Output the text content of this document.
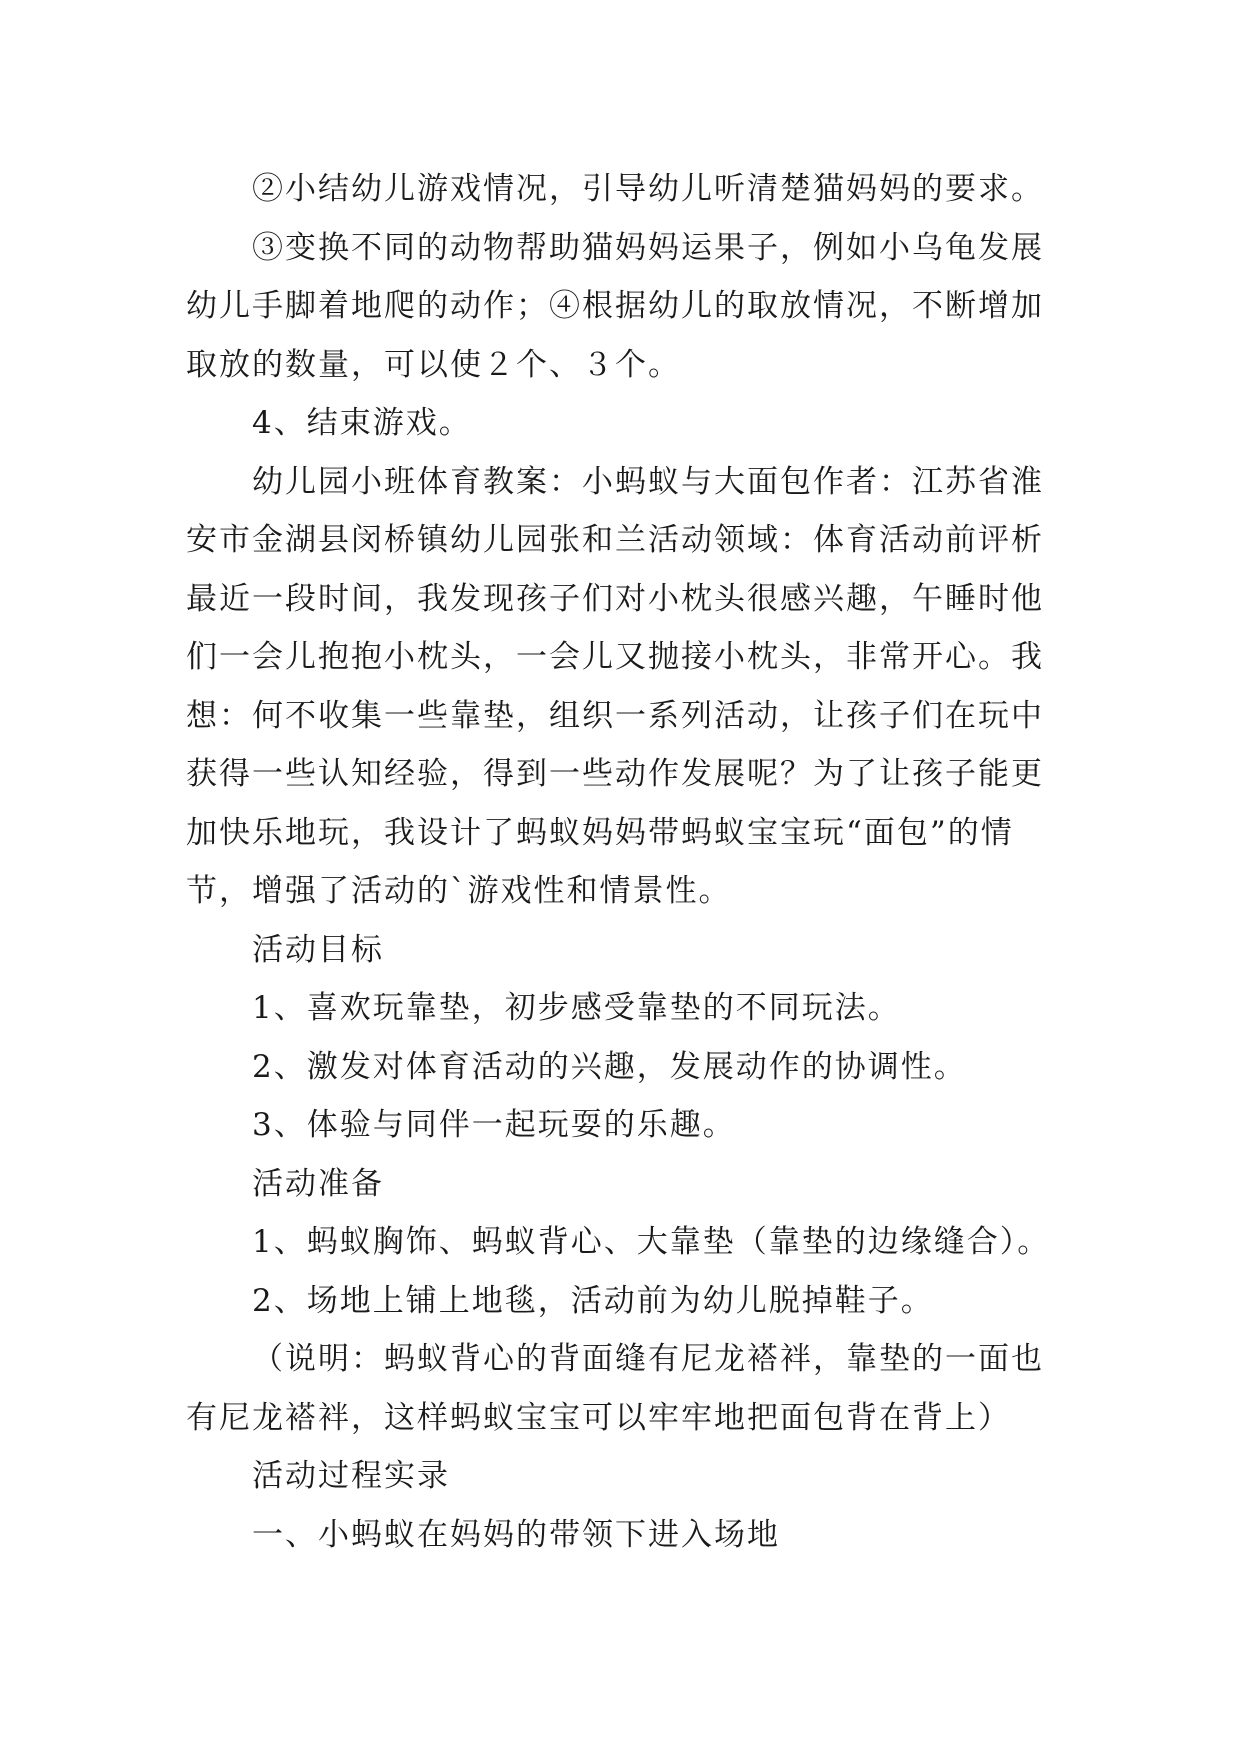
②小结幼儿游戏情况，引导幼儿听清楚猫妈妈的要求。

③变换不同的动物帮助猫妈妈运果子，例如小乌龟发展幼儿手脚着地爬的动作；④根据幼儿的取放情况，不断增加取放的数量，可以使２个、３个。

4、结束游戏。

幼儿园小班体育教案：小蚂蚁与大面包作者：江苏省淮安市金湖县闵桥镇幼儿园张和兰活动领域：体育活动前评析最近一段时间，我发现孩子们对小枕头很感兴趣，午睡时他们一会儿抱抱小枕头，一会儿又抛接小枕头，非常开心。我想：何不收集一些靠垫，组织一系列活动，让孩子们在玩中获得一些认知经验，得到一些动作发展呢？为了让孩子能更加快乐地玩，我设计了蚂蚁妈妈带蚂蚁宝宝玩“面包”的情节，增强了活动的`游戏性和情景性。

活动目标

1、喜欢玩靠垫，初步感受靠垫的不同玩法。

2、激发对体育活动的兴趣，发展动作的协调性。

3、体验与同伴一起玩耍的乐趣。

活动准备

1、蚂蚁胸饰、蚂蚁背心、大靠垫（靠垫的边缘缝合）。

2、场地上铺上地毯，活动前为幼儿脱掉鞋子。

（说明：蚂蚁背心的背面缝有尼龙褡袢，靠垫的一面也有尼龙褡袢，这样蚂蚁宝宝可以牢牢地把面包背在背上）

活动过程实录

一、小蚂蚁在妈妈的带领下进入场地
